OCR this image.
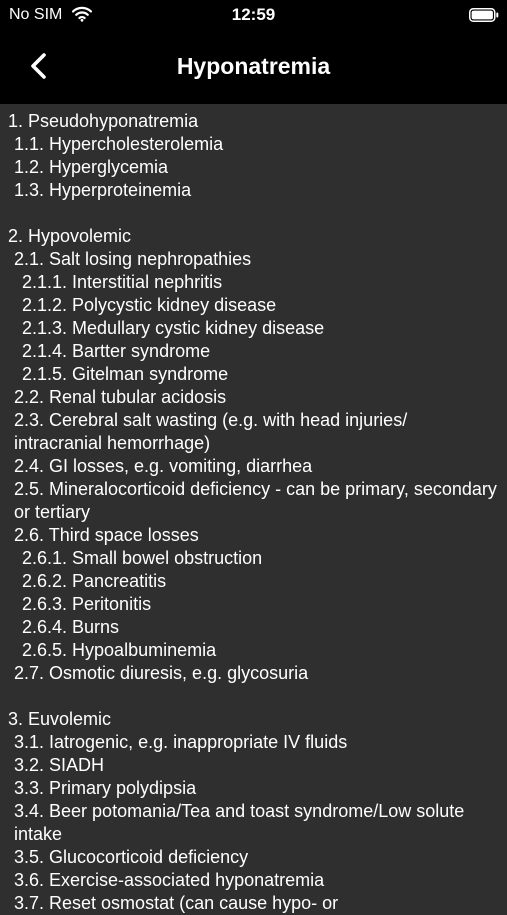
No SIM	12:59
Hyponatremia
1. Pseudohyponatremia
1.1. Hypercholesterolemia
1.2. Hyperglycemia
1.3. Hyperproteinemia
2. Hypovolemic
2.1. Salt losing nephropathies
2.1.1. Interstitial nephritis
2.1.2. Polycystic kidney disease
2.1.3. Medullary cystic kidney disease
2.1.4. Bartter syndrome
2.1.5. Gitelman syndrome
2.2. Renal tubular acidosis
2.3. Cerebral salt wasting (e.g. with head injuries/ intracranial hemorrhage)
2.4. GI losses, e.g. vomiting, diarrhea
2.5. Mineralocorticoid deficiency - can be primary, secondary or tertiary
2.6. Third space losses
2.6.1. Small bowel obstruction
2.6.2. Pancreatitis
2.6.3. Peritonitis
2.6.4. Burns
2.6.5. Hypoalbuminemia
2.7. Osmotic diuresis, e.g. glycosuria
3. Euvolemic
3.1. Iatrogenic, e.g. inappropriate IV fluids
3.2. SIADH
3.3. Primary polydipsia
3.4. Beer potomania/Tea and toast syndrome/Low solute intake
3.5. Glucocorticoid deficiency
3.6. Exercise-associated hyponatremia
3.7. Reset osmostat (can cause hypo- or
